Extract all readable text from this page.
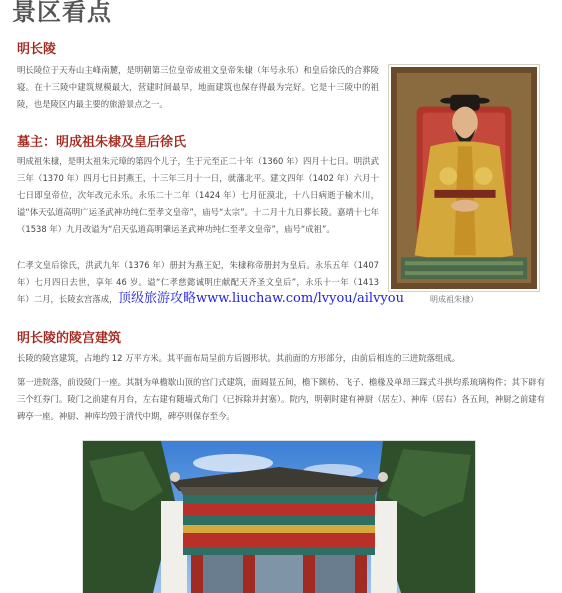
景区看点
明长陵

明长陵位于天寿山主峰南麓，是明朝第三位皇帝成祖文皇帝朱棣（年号永乐）和皇后徐氏的合葬陵寝。在十三陵中建筑规模最大，营建时间最早，地面建筑也保存得最为完好。它是十三陵中的祖陵，也是陵区内最主要的旅游景点之一。

墓主：明成祖朱棣及皇后徐氏

明成祖朱棣，是明太祖朱元璋的第四个儿子，生于元至正二十年（1360 年）四月十七日。明洪武三年（1370 年）四月七日封燕王，十三年三月十一日，就藩北平。建文四年（1402 年）六月十七日即皇帝位，次年改元永乐。永乐二十二年（1424 年）七月征漠北，十八日病逝于榆木川，谥“体天弘道高明广运圣武神功纯仁至孝文皇帝”，庙号“太宗”。十二月十九日葬长陵。嘉靖十七年（1538 年）九月改谥为“启天弘道高明肇运圣武神功纯仁至孝文皇帝”，庙号“成祖”。

仁孝文皇后徐氏，洪武九年（1376 年）册封为燕王妃，朱棣称帝册封为皇后。永乐五年（1407 年）七月四日去世，享年 46 岁。谥“仁孝慈懿诚明庄献配天齐圣文皇后”，永乐十一年（1413 年）二月，长陵玄宫落成，	明成祖朱棣）
顶级旅游攻略www.liuchaw.com/lvyou/ailvyou
明长陵的陵宫建筑

长陵的陵宫建筑，占地约 12 万平方米。其平面布局呈前方后圆形状。其前面的方形部分，由前后相连的三进院落组成。

第一进院落，前设陵门一座。其制为单檐歇山顶的宫门式建筑，面阔显五间，檐下额枋、飞子、檐椽及单昂三踩式斗拱均系琉璃构件；其下辟有三个红券门。陵门之前建有月台，左右建有随墙式角门（已拆除并封塞）。院内，明朝时建有神厨（居左）、神库（居右）各五间，神厨之前建有碑亭一座。神厨、神库均毁于清代中期，碑亭则保存至今。
